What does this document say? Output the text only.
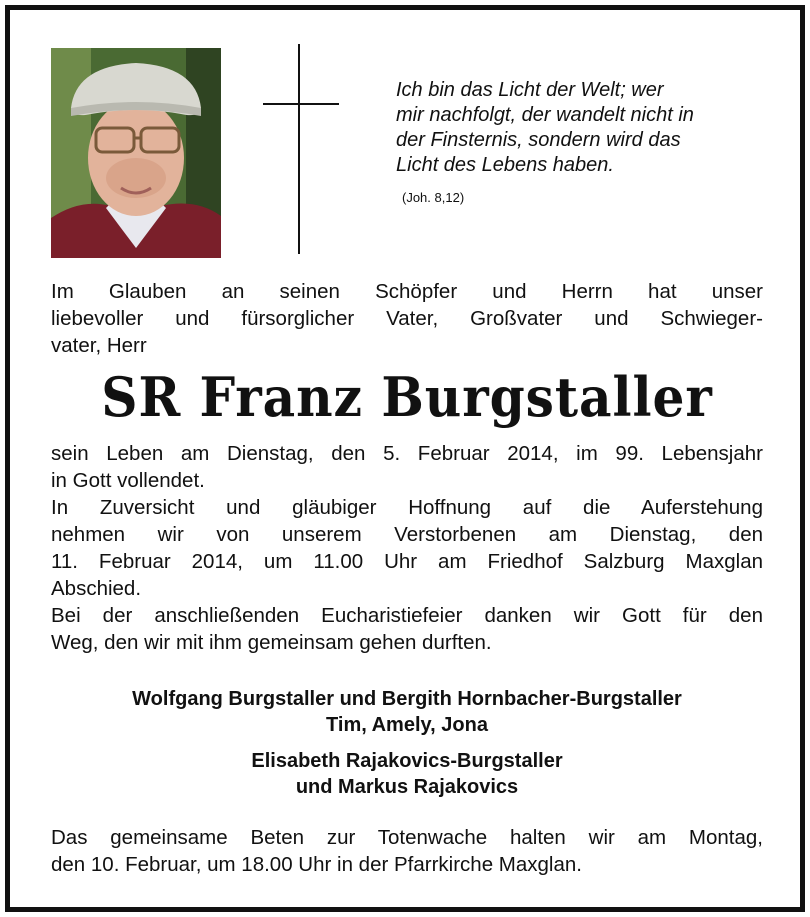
Ich bin das Licht der Welt; wer
mir nachfolgt, der wandelt nicht in
der Finsternis, sondern wird das
Licht des Lebens haben.
(Joh. 8,12)
Im Glauben an seinen Schöpfer und Herrn hat unser
liebevoller und fürsorglicher Vater, Großvater und Schwieger-
vater, Herr
SR Franz Burgstaller
sein Leben am Dienstag, den 5. Februar 2014, im 99. Lebensjahr
in Gott vollendet.
In Zuversicht und gläubiger Hoffnung auf die Auferstehung
nehmen wir von unserem Verstorbenen am Dienstag, den
11. Februar 2014, um 11.00 Uhr am Friedhof Salzburg Maxglan
Abschied.
Bei der anschließenden Eucharistiefeier danken wir Gott für den
Weg, den wir mit ihm gemeinsam gehen durften.
Wolfgang Burgstaller und Bergith Hornbacher-Burgstaller
Tim, Amely, Jona
Elisabeth Rajakovics-Burgstaller
und Markus Rajakovics
Das gemeinsame Beten zur Totenwache halten wir am Montag,
den 10. Februar, um 18.00 Uhr in der Pfarrkirche Maxglan.
